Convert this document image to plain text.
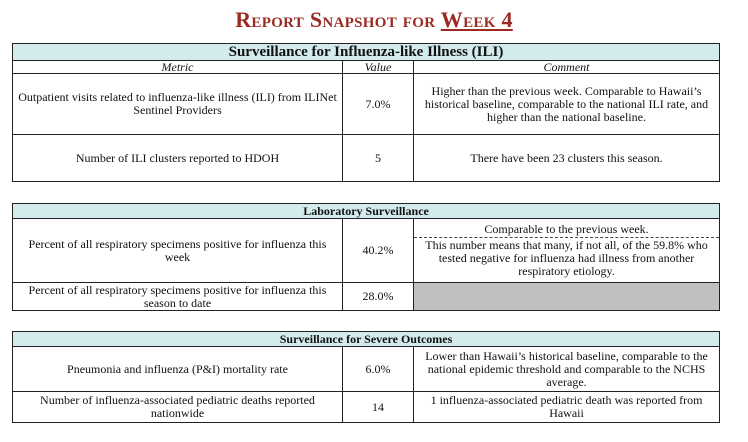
Report Snapshot for Week 4
Surveillance for Influenza-like Illness (ILI)		
Metric	Value	Comment
Outpatient visits related to influenza-like illness (ILI) from ILINet Sentinel Providers	7.0%	Higher than the previous week. Comparable to Hawaii’s historical baseline, comparable to the national ILI rate, and higher than the national baseline.
Number of ILI clusters reported to HDOH	5	There have been 23 clusters this season.
Laboratory Surveillance		
Percent of all respiratory specimens positive for influenza this week	40.2%	Comparable to the previous week.
This number means that many, if not all, of the 59.8% who tested negative for influenza had illness from another respiratory etiology.

Percent of all respiratory specimens positive for influenza this season to date	28.0%	
Surveillance for Severe Outcomes		
Pneumonia and influenza (P&I) mortality rate	6.0%	Lower than Hawaii’s historical baseline, comparable to the national epidemic threshold and comparable to the NCHS average.
Number of influenza-associated pediatric deaths reported nationwide	14	1 influenza-associated pediatric death was reported from Hawaii
